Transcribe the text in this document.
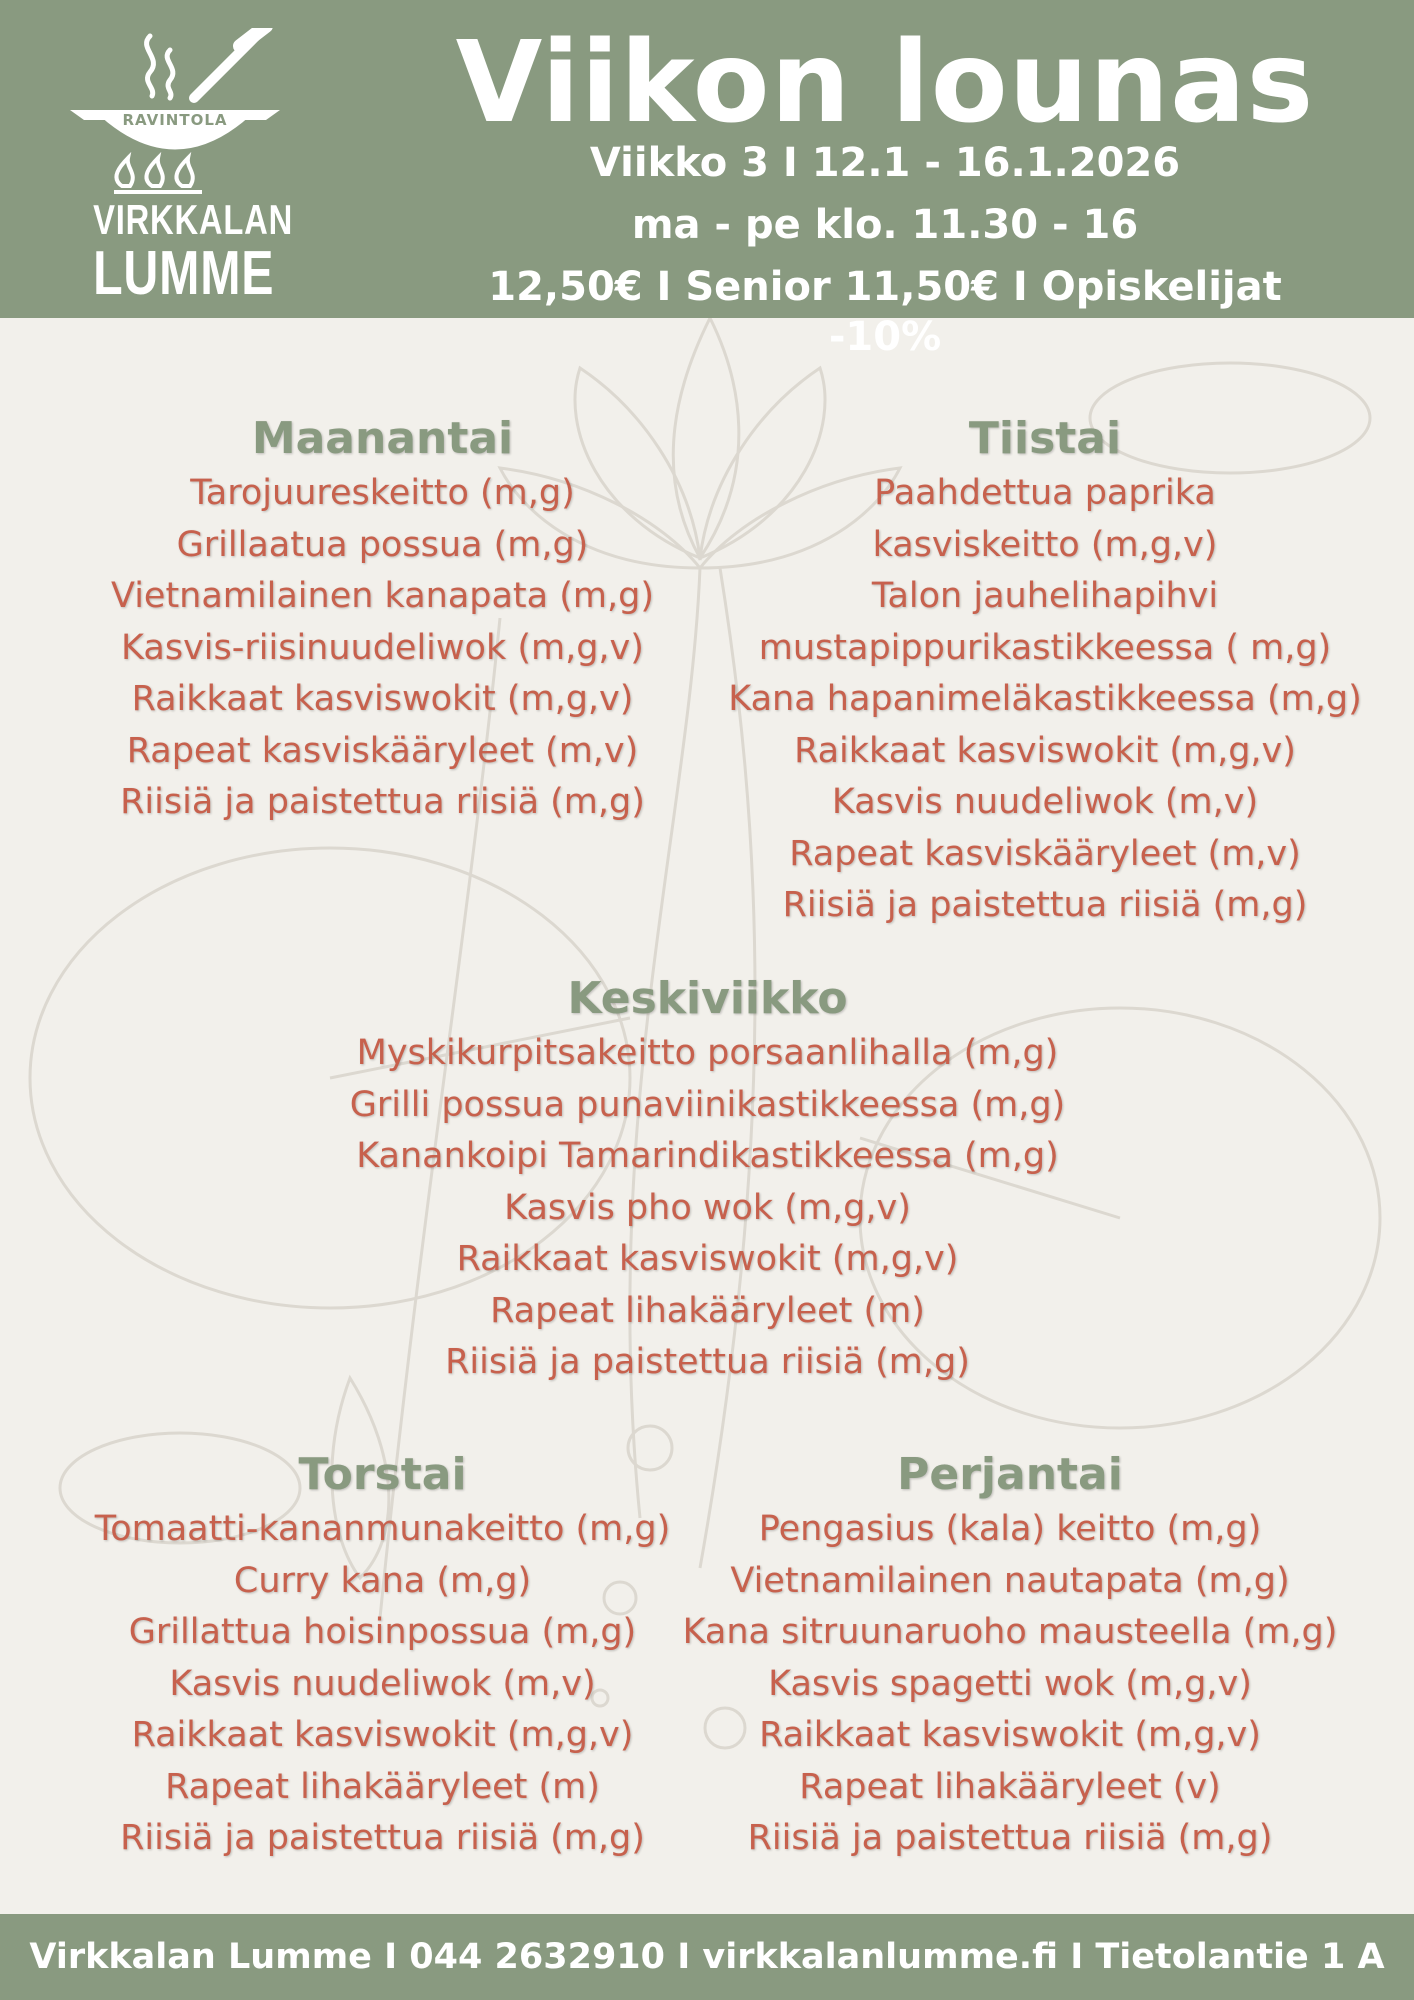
RAVINTOLA
VIRKKALAN
LUMME
Viikon lounas
Viikko 3 I 12.1 - 16.1.2026
ma - pe klo. 11.30 - 16
12,50€ I Senior 11,50€ I Opiskelijat -10%
Maanantai
Tarojuureskeitto (m,g)
Grillaatua possua (m,g)
Vietnamilainen kanapata (m,g)
Kasvis-riisinuudeliwok (m,g,v)
Raikkaat kasviswokit (m,g,v)
Rapeat kasviskääryleet (m,v)
Riisiä ja paistettua riisiä (m,g)
Tiistai
Paahdettua paprika
kasviskeitto (m,g,v)
Talon jauhelihapihvi
mustapippurikastikkeessa ( m,g)
Kana hapanimeläkastikkeessa (m,g)
Raikkaat kasviswokit (m,g,v)
Kasvis nuudeliwok (m,v)
Rapeat kasviskääryleet (m,v)
Riisiä ja paistettua riisiä (m,g)
Keskiviikko
Myskikurpitsakeitto porsaanlihalla (m,g)
Grilli possua punaviinikastikkeessa (m,g)
Kanankoipi Tamarindikastikkeessa (m,g)
Kasvis pho wok (m,g,v)
Raikkaat kasviswokit (m,g,v)
Rapeat lihakääryleet (m)
Riisiä ja paistettua riisiä (m,g)
Torstai
Tomaatti-kananmunakeitto (m,g)
Curry kana (m,g)
Grillattua hoisinpossua (m,g)
Kasvis nuudeliwok (m,v)
Raikkaat kasviswokit (m,g,v)
Rapeat lihakääryleet (m)
Riisiä ja paistettua riisiä (m,g)
Perjantai
Pengasius (kala) keitto (m,g)
Vietnamilainen nautapata (m,g)
Kana sitruunaruoho mausteella (m,g)
Kasvis spagetti wok (m,g,v)
Raikkaat kasviswokit (m,g,v)
Rapeat lihakääryleet (v)
Riisiä ja paistettua riisiä (m,g)
Virkkalan Lumme I 044 2632910 I virkkalanlumme.fi I Tietolantie 1 A
